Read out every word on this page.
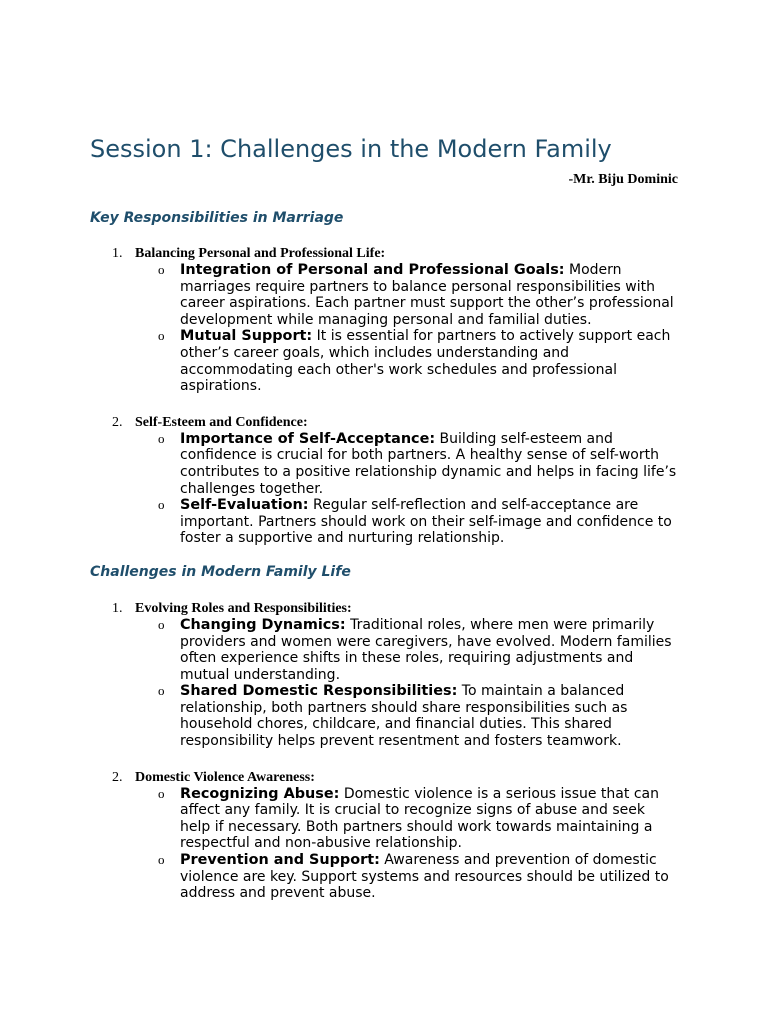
Session 1: Challenges in the Modern Family

-Mr. Biju Dominic

Key Responsibilities in Marriage
1. Balancing Personal and Professional Life:
o Integration of Personal and Professional Goals: Modern marriages require partners to balance personal responsibilities with career aspirations. Each partner must support the other’s professional development while managing personal and familial duties.
o Mutual Support: It is essential for partners to actively support each other’s career goals, which includes understanding and accommodating each other's work schedules and professional aspirations.
2. Self-Esteem and Confidence:
o Importance of Self-Acceptance: Building self-esteem and confidence is crucial for both partners. A healthy sense of self-worth contributes to a positive relationship dynamic and helps in facing life’s challenges together.
o Self-Evaluation: Regular self-reflection and self-acceptance are important. Partners should work on their self-image and confidence to foster a supportive and nurturing relationship.
Challenges in Modern Family Life
1. Evolving Roles and Responsibilities:
o Changing Dynamics: Traditional roles, where men were primarily providers and women were caregivers, have evolved. Modern families often experience shifts in these roles, requiring adjustments and mutual understanding.
o Shared Domestic Responsibilities: To maintain a balanced relationship, both partners should share responsibilities such as household chores, childcare, and financial duties. This shared responsibility helps prevent resentment and fosters teamwork.
2. Domestic Violence Awareness:
o Recognizing Abuse: Domestic violence is a serious issue that can affect any family. It is crucial to recognize signs of abuse and seek help if necessary. Both partners should work towards maintaining a respectful and non-abusive relationship.
o Prevention and Support: Awareness and prevention of domestic violence are key. Support systems and resources should be utilized to address and prevent abuse.
